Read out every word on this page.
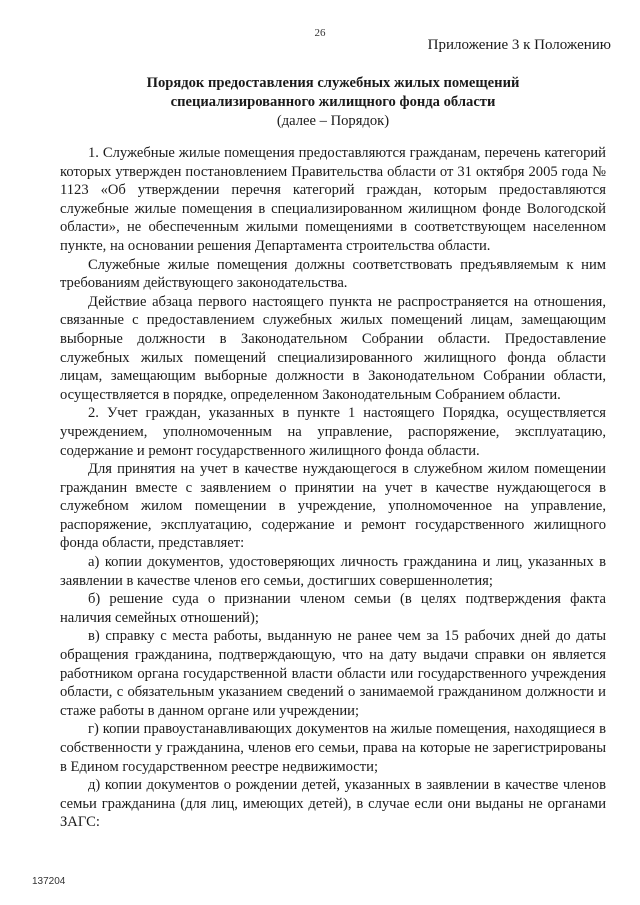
26
Приложение 3 к Положению
Порядок предоставления служебных жилых помещений
специализированного жилищного фонда области
(далее – Порядок)

1. Служебные жилые помещения предоставляются гражданам, перечень категорий которых утвержден постановлением Правительства области от 31 октября 2005 года № 1123 «Об утверждении перечня категорий граждан, которым предоставляются служебные жилые помещения в специализированном жилищном фонде Вологодской области», не обеспеченным жилыми помещениями в соответствующем населенном пункте, на основании решения Департамента строительства области.

Служебные жилые помещения должны соответствовать предъявляемым к ним требованиям действующего законодательства.

Действие абзаца первого настоящего пункта не распространяется на отношения, связанные с предоставлением служебных жилых помещений лицам, замещающим выборные должности в Законодательном Собрании области. Предоставление служебных жилых помещений специализированного жилищного фонда области лицам, замещающим выборные должности в Законодательном Собрании области, осуществляется в порядке, определенном Законодательным Собранием области.

2. Учет граждан, указанных в пункте 1 настоящего Порядка, осуществляется учреждением, уполномоченным на управление, распоряжение, эксплуатацию, содержание и ремонт государственного жилищного фонда области.

Для принятия на учет в качестве нуждающегося в служебном жилом помещении гражданин вместе с заявлением о принятии на учет в качестве нуждающегося в служебном жилом помещении в учреждение, уполномоченное на управление, распоряжение, эксплуатацию, содержание и ремонт государственного жилищного фонда области, представляет:

а) копии документов, удостоверяющих личность гражданина и лиц, указанных в заявлении в качестве членов его семьи, достигших совершеннолетия;

б) решение суда о признании членом семьи (в целях подтверждения факта наличия семейных отношений);

в) справку с места работы, выданную не ранее чем за 15 рабочих дней до даты обращения гражданина, подтверждающую, что на дату выдачи справки он является работником органа государственной власти области или государственного учреждения области, с обязательным указанием сведений о занимаемой гражданином должности и стаже работы в данном органе или учреждении;

г) копии правоустанавливающих документов на жилые помещения, находящиеся в собственности у гражданина, членов его семьи, права на которые не зарегистрированы в Едином государственном реестре недвижимости;

д) копии документов о рождении детей, указанных в заявлении в качестве членов семьи гражданина (для лиц, имеющих детей), в случае если они выданы не органами ЗАГС:

137204
